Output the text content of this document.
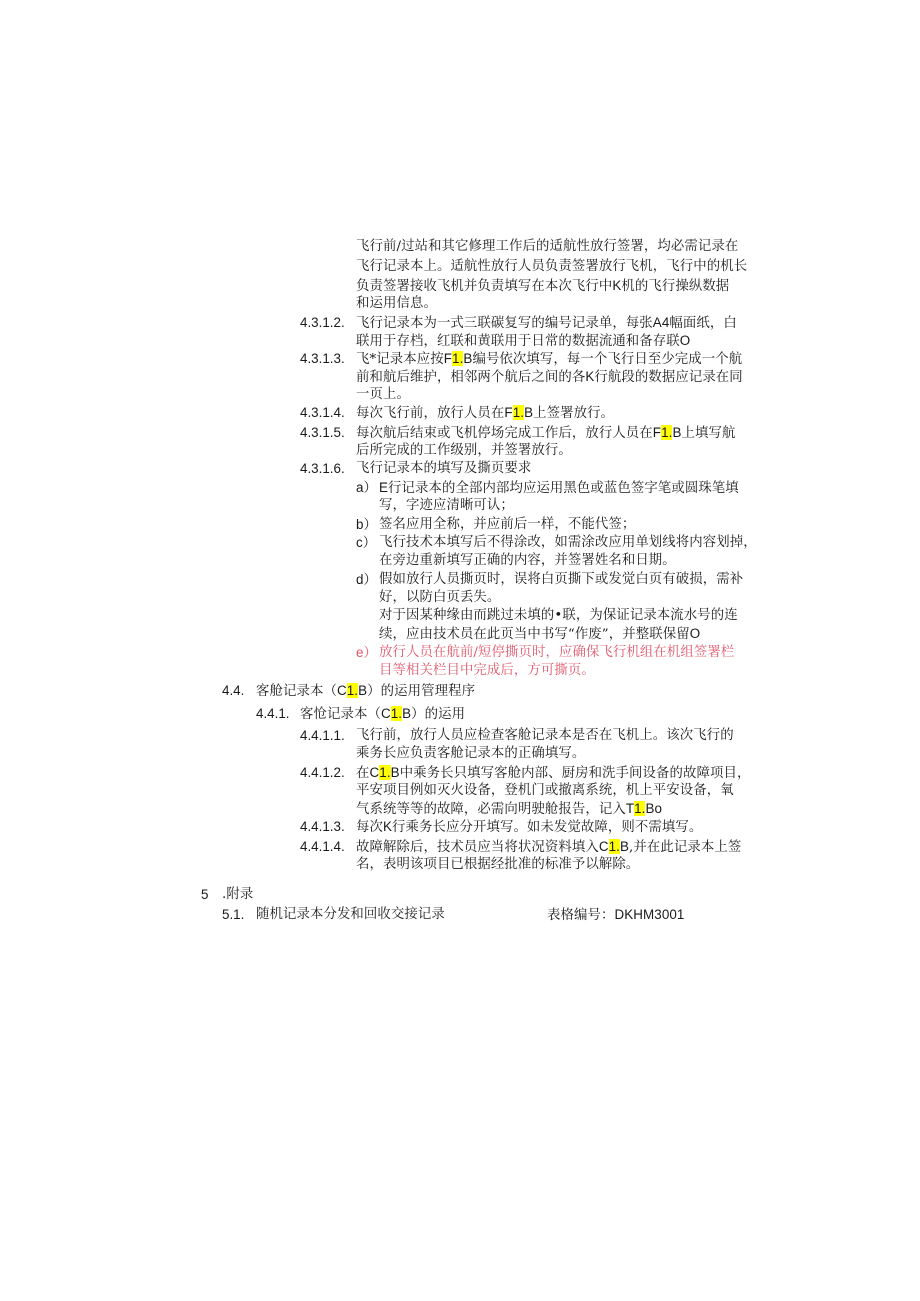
飞行前/过站和其它修理工作后的适航性放行签署，均必需记录在
飞行记录本上。适航性放行人员负责签署放行飞机，飞行中的机长
负责签署接收飞机并负责填写在本次飞行中K机的飞行操纵数据
和运用信息。
4.3.1.2. 飞行记录本为一式三联碳复写的编号记录单，每张A4幅面纸，白
联用于存档，红联和黄联用于日常的数据流通和备存联O
4.3.1.3. 飞*记录本应按F1.B编号依次填写，每一个飞行日至少完成一个航
前和航后维护，相邻两个航后之间的各K行航段的数据应记录在同
一页上。
4.3.1.4. 每次飞行前，放行人员在F1.B上签署放行。
4.3.1.5. 每次航后结束或飞机停场完成工作后，放行人员在F1.B上填写航
后所完成的工作级别，并签署放行。
4.3.1.6. 飞行记录本的填写及撕页要求
a） E行记录本的全部内部均应运用黑色或蓝色签字笔或圆珠笔填
写，字迹应清晰可认；
b） 签名应用全称，并应前后一样，不能代签；
c） 飞行技术本填写后不得涂改，如需涂改应用单划线将内容划掉，
在旁边重新填写正确的内容，并签署姓名和日期。
d） 假如放行人员撕页时，误将白页撕下或发觉白页有破损，需补
好，以防白页丢失。
对于因某种缘由而跳过未填的•联，为保证记录本流水号的连
续，应由技术员在此页当中书写“作废”，并整联保留O
e） 放行人员在航前/短停撕页时，应确保飞行机组在机组签署栏
目等相关栏目中完成后，方可撕页。
4.4. 客舱记录本（C1.B）的运用管理程序
4.4.1. 客怆记录本（C1.B）的运用
4.4.1.1. 飞行前，放行人员应检查客舱记录本是否在飞机上。该次飞行的
乘务长应负责客舱记录本的正确填写。
4.4.1.2. 在C1.B中乘务长只填写客舱内部、厨房和洗手间设备的故障项目，
平安项目例如灭火设备，登机门或撤离系统，机上平安设备，氧
气系统等等的故障，必需向明驶舱报告，记入T1.Bo
4.4.1.3. 每次K行乘务长应分开填写。如未发觉故障，则不需填写。
4.4.1.4. 故障解除后，技术员应当将状况资料填入C1.B,并在此记录本上签
名，表明该项目已根据经批准的标准予以解除。
5 .附录
5.1. 随机记录本分发和回收交接记录	表格编号：DKHM3001
